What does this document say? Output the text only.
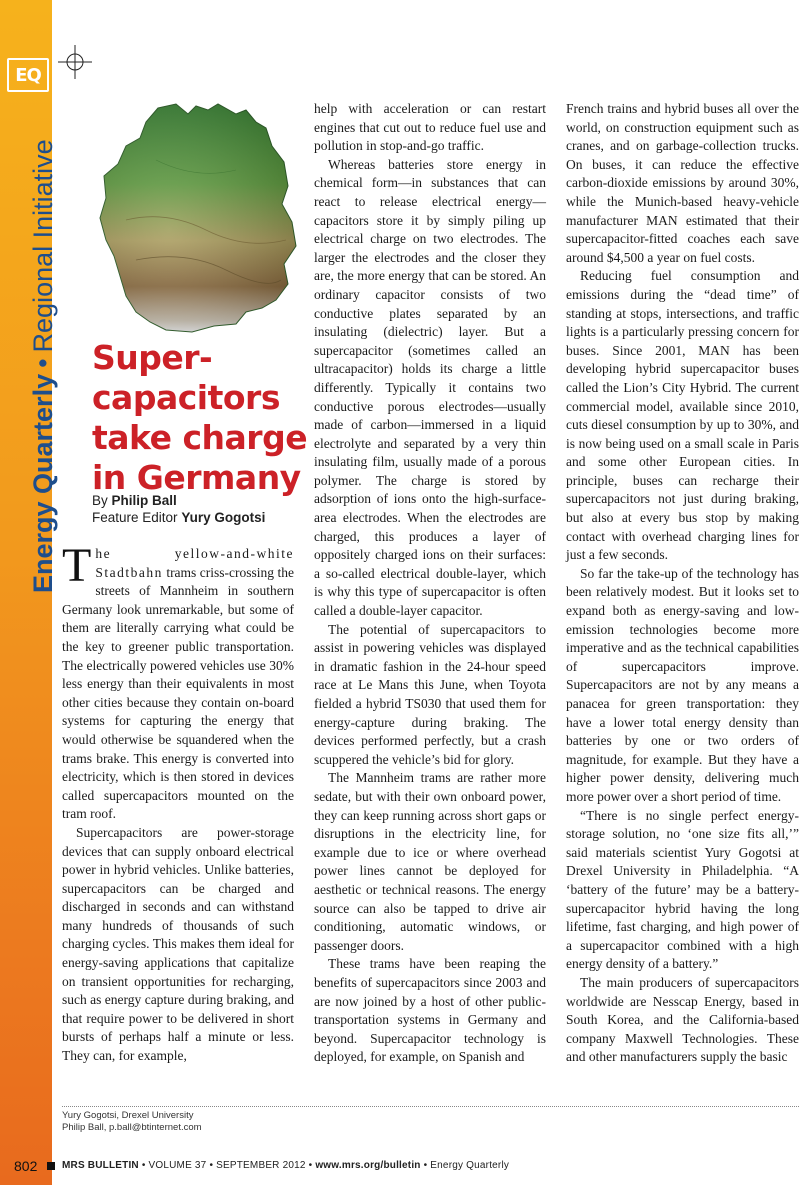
EQ
Energy Quarterly•Regional Initiative
Super-
capacitors
take charge
in Germany
By Philip Ball
Feature Editor Yury Gogotsi

The yellow-and-white Stadtbahn trams criss-crossing the streets of Mannheim in southern Germany look unremarkable, but some of them are literally carrying what could be the key to greener public transportation. The electrically powered vehicles use 30% less energy than their equivalents in most other cities because they contain on-board systems for capturing the energy that would otherwise be squandered when the trams brake. This energy is converted into electricity, which is then stored in devices called supercapacitors mounted on the tram roof.

Supercapacitors are power-storage devices that can supply onboard electrical power in hybrid vehicles. Unlike batteries, supercapacitors can be charged and discharged in seconds and can withstand many hundreds of thousands of such charging cycles. This makes them ideal for energy-saving applications that capitalize on transient opportunities for recharging, such as energy capture during braking, and that require power to be delivered in short bursts of perhaps half a minute or less. They can, for example,

help with acceleration or can restart engines that cut out to reduce fuel use and pollution in stop-and-go traffic.

Whereas batteries store energy in chemical form—in substances that can react to release electrical energy—capacitors store it by simply piling up electrical charge on two electrodes. The larger the electrodes and the closer they are, the more energy that can be stored. An ordinary capacitor consists of two conductive plates separated by an insulating (dielectric) layer. But a supercapacitor (sometimes called an ultracapacitor) holds its charge a little differently. Typically it contains two conductive porous electrodes—usually made of carbon—immersed in a liquid electrolyte and separated by a very thin insulating film, usually made of a porous polymer. The charge is stored by adsorption of ions onto the high-surface-area electrodes. When the electrodes are charged, this produces a layer of oppositely charged ions on their surfaces: a so-called electrical double-layer, which is why this type of supercapacitor is often called a double-layer capacitor.

The potential of supercapacitors to assist in powering vehicles was displayed in dramatic fashion in the 24-hour speed race at Le Mans this June, when Toyota fielded a hybrid TS030 that used them for energy-capture during braking. The devices performed perfectly, but a crash scuppered the vehicle’s bid for glory.

The Mannheim trams are rather more sedate, but with their own onboard power, they can keep running across short gaps or disruptions in the electricity line, for example due to ice or where overhead power lines cannot be deployed for aesthetic or technical reasons. The energy source can also be tapped to drive air conditioning, automatic windows, or passenger doors.

These trams have been reaping the benefits of supercapacitors since 2003 and are now joined by a host of other public-transportation systems in Germany and beyond. Supercapacitor technology is deployed, for example, on Spanish and

French trains and hybrid buses all over the world, on construction equipment such as cranes, and on garbage-collection trucks. On buses, it can reduce the effective carbon-dioxide emissions by around 30%, while the Munich-based heavy-vehicle manufacturer MAN estimated that their supercapacitor-fitted coaches each save around $4,500 a year on fuel costs.

Reducing fuel consumption and emissions during the “dead time” of standing at stops, intersections, and traffic lights is a particularly pressing concern for buses. Since 2001, MAN has been developing hybrid supercapacitor buses called the Lion’s City Hybrid. The current commercial model, available since 2010, cuts diesel consumption by up to 30%, and is now being used on a small scale in Paris and some other European cities. In principle, buses can recharge their supercapacitors not just during braking, but also at every bus stop by making contact with overhead charging lines for just a few seconds.

So far the take-up of the technology has been relatively modest. But it looks set to expand both as energy-saving and low-emission technologies become more imperative and as the technical capabilities of supercapacitors improve. Supercapacitors are not by any means a panacea for green transportation: they have a lower total energy density than batteries by one or two orders of magnitude, for example. But they have a higher power density, delivering much more power over a short period of time.

“There is no single perfect energy-storage solution, no ‘one size fits all,’” said materials scientist Yury Gogotsi at Drexel University in Philadelphia. “A ‘battery of the future’ may be a battery-supercapacitor hybrid having the long lifetime, fast charging, and high power of a supercapacitor combined with a high energy density of a battery.”

The main producers of supercapacitors worldwide are Nesscap Energy, based in South Korea, and the California-based company Maxwell Technologies. These and other manufacturers supply the basic

Yury Gogotsi, Drexel University
Philip Ball, p.ball@btinternet.com
802 MRS BULLETIN • VOLUME 37 • SEPTEMBER 2012 • www.mrs.org/bulletin • Energy Quarterly
